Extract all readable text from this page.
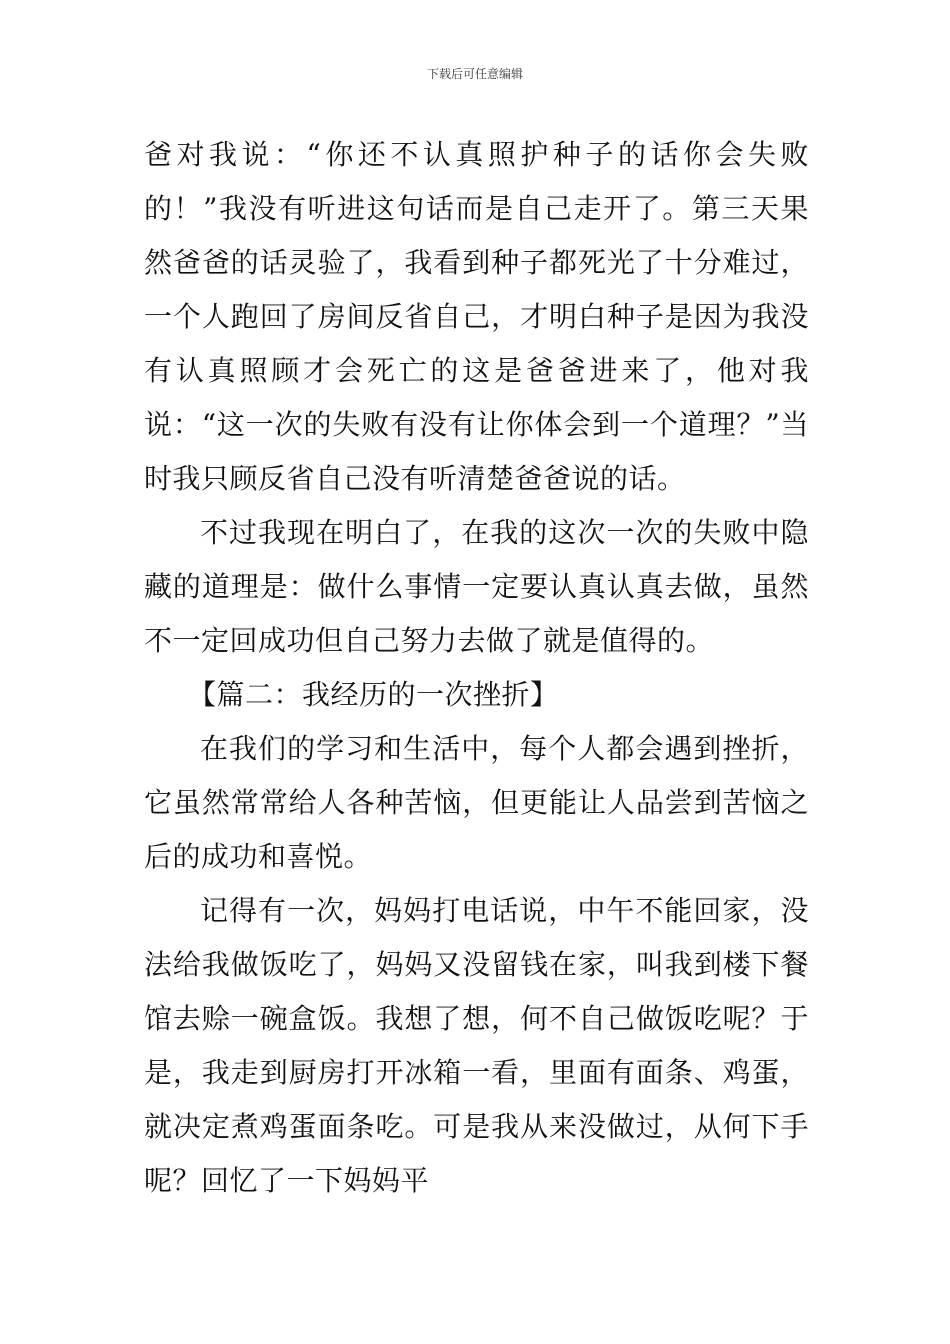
下载后可任意编辑

爸对我说：“你还不认真照护种子的话你会失败的！”我没有听进这句话而是自己走开了。第三天果然爸爸的话灵验了，我看到种子都死光了十分难过，一个人跑回了房间反省自己，才明白种子是因为我没有认真照顾才会死亡的这是爸爸进来了，他对我说：“这一次的失败有没有让你体会到一个道理？”当时我只顾反省自己没有听清楚爸爸说的话。

不过我现在明白了，在我的这次一次的失败中隐藏的道理是：做什么事情一定要认真认真去做，虽然不一定回成功但自己努力去做了就是值得的。

【篇二：我经历的一次挫折】

在我们的学习和生活中，每个人都会遇到挫折，它虽然常常给人各种苦恼，但更能让人品尝到苦恼之后的成功和喜悦。

记得有一次，妈妈打电话说，中午不能回家，没法给我做饭吃了，妈妈又没留钱在家，叫我到楼下餐馆去赊一碗盒饭。我想了想，何不自己做饭吃呢？于是，我走到厨房打开冰箱一看，里面有面条、鸡蛋，就决定煮鸡蛋面条吃。可是我从来没做过，从何下手呢？回忆了一下妈妈平
